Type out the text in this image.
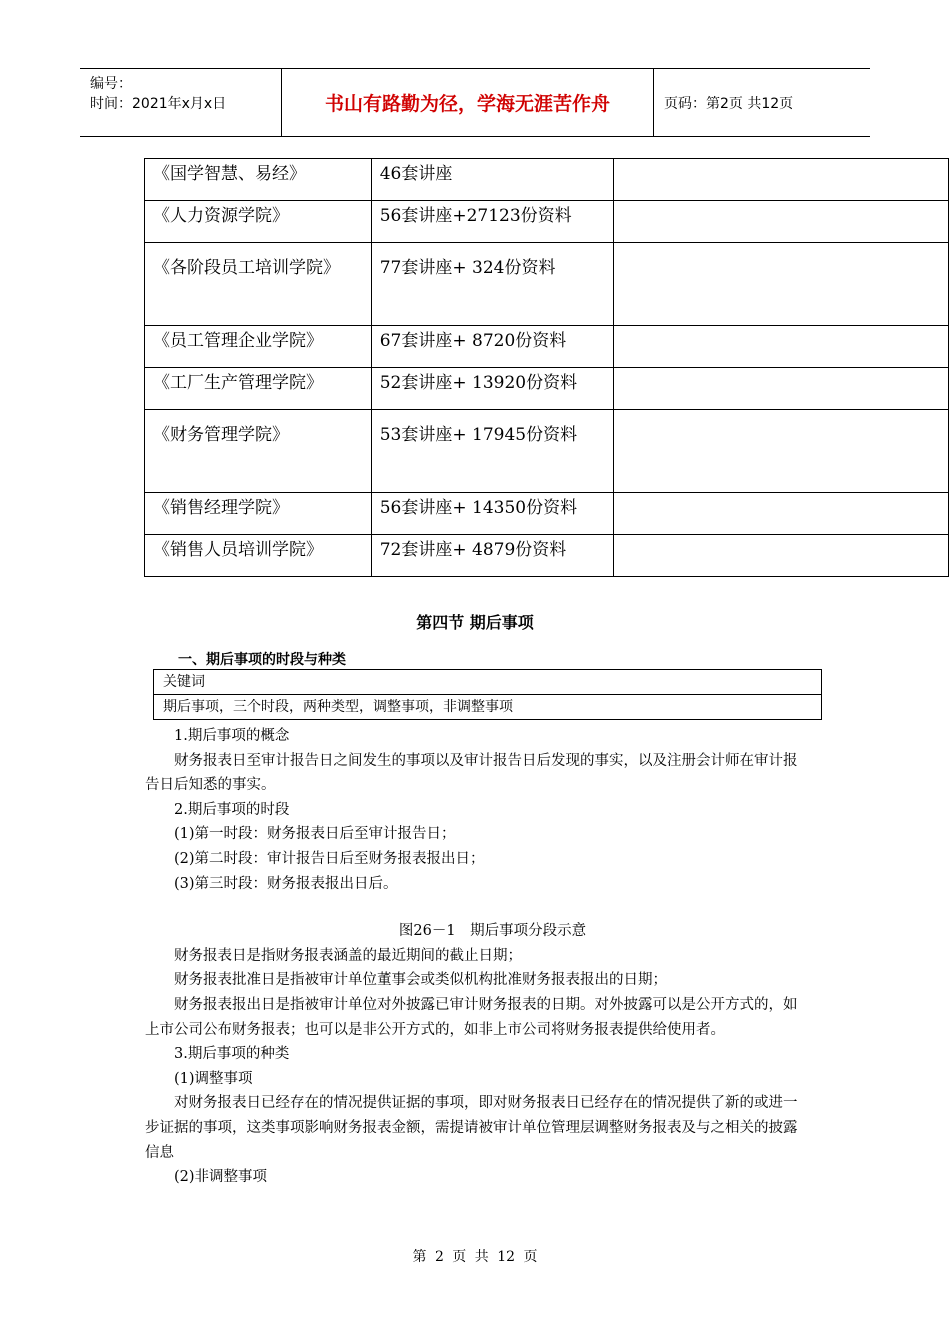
编号：
时间：2021年x月x日	书山有路勤为径，学海无涯苦作舟	页码：第2页 共12页
《国学智慧、易经》	46套讲座	
《人力资源学院》	56套讲座+27123份资料	
《各阶段员工培训学院》	77套讲座+ 324份资料	
《员工管理企业学院》	67套讲座+ 8720份资料	
《工厂生产管理学院》	52套讲座+ 13920份资料	
《财务管理学院》	53套讲座+ 17945份资料	
《销售经理学院》	56套讲座+ 14350份资料	
《销售人员培训学院》	72套讲座+ 4879份资料	
第四节 期后事项
一、期后事项的时段与种类
关键词
期后事项，三个时段，两种类型，调整事项，非调整事项

1.期后事项的概念

财务报表日至审计报告日之间发生的事项以及审计报告日后发现的事实，以及注册会计师在审计报告日后知悉的事实。

2.期后事项的时段

(1)第一时段：财务报表日后至审计报告日；

(2)第二时段：审计报告日后至财务报表报出日；

(3)第三时段：财务报表报出日后。

图26－1　期后事项分段示意

财务报表日是指财务报表涵盖的最近期间的截止日期；

财务报表批准日是指被审计单位董事会或类似机构批准财务报表报出的日期；

财务报表报出日是指被审计单位对外披露已审计财务报表的日期。对外披露可以是公开方式的，如上市公司公布财务报表；也可以是非公开方式的，如非上市公司将财务报表提供给使用者。

3.期后事项的种类

(1)调整事项

对财务报表日已经存在的情况提供证据的事项，即对财务报表日已经存在的情况提供了新的或进一步证据的事项，这类事项影响财务报表金额，需提请被审计单位管理层调整财务报表及与之相关的披露信息

(2)非调整事项

第 2 页 共 12 页
